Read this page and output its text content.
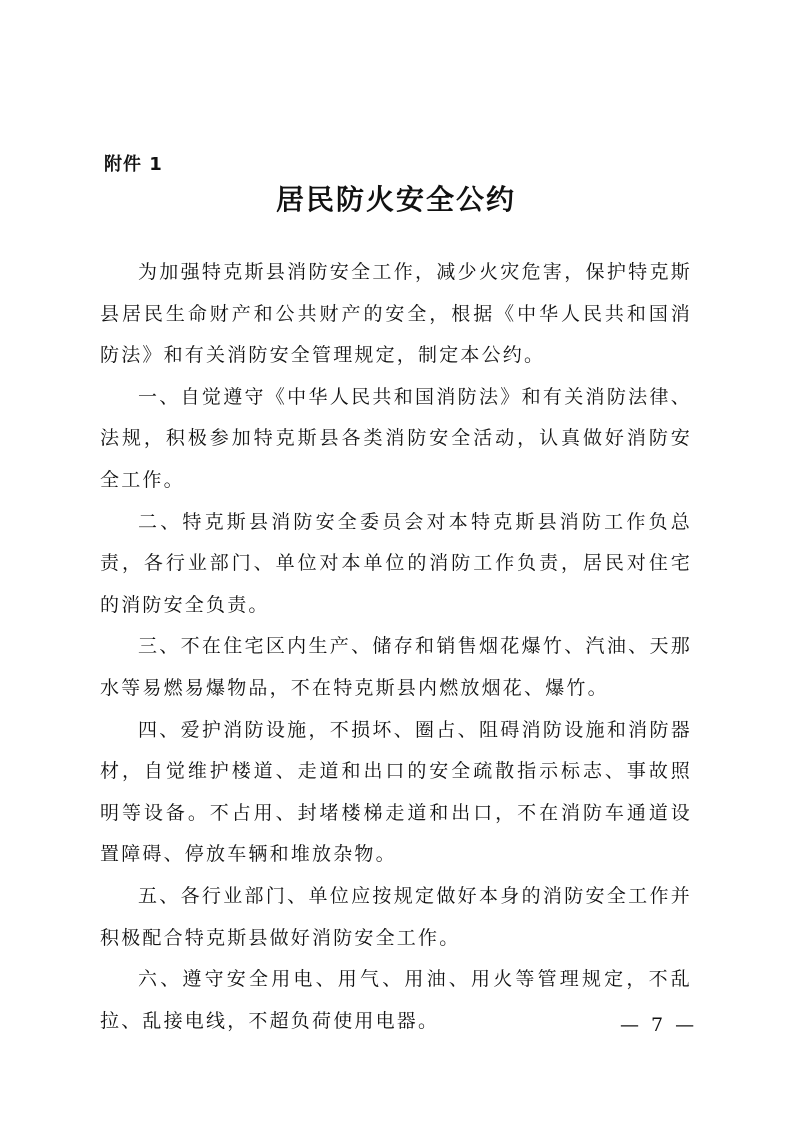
附件 1
居民防火安全公约

为加强特克斯县消防安全工作，减少火灾危害，保护特克斯县居民生命财产和公共财产的安全，根据《中华人民共和国消防法》和有关消防安全管理规定，制定本公约。

一、自觉遵守《中华人民共和国消防法》和有关消防法律、法规，积极参加特克斯县各类消防安全活动，认真做好消防安全工作。

二、特克斯县消防安全委员会对本特克斯县消防工作负总责，各行业部门、单位对本单位的消防工作负责，居民对住宅的消防安全负责。

三、不在住宅区内生产、储存和销售烟花爆竹、汽油、天那水等易燃易爆物品，不在特克斯县内燃放烟花、爆竹。

四、爱护消防设施，不损坏、圈占、阻碍消防设施和消防器材，自觉维护楼道、走道和出口的安全疏散指示标志、事故照明等设备。不占用、封堵楼梯走道和出口，不在消防车通道设置障碍、停放车辆和堆放杂物。

五、各行业部门、单位应按规定做好本身的消防安全工作并积极配合特克斯县做好消防安全工作。

六、遵守安全用电、用气、用油、用火等管理规定，不乱拉、乱接电线，不超负荷使用电器。	— 7 —
